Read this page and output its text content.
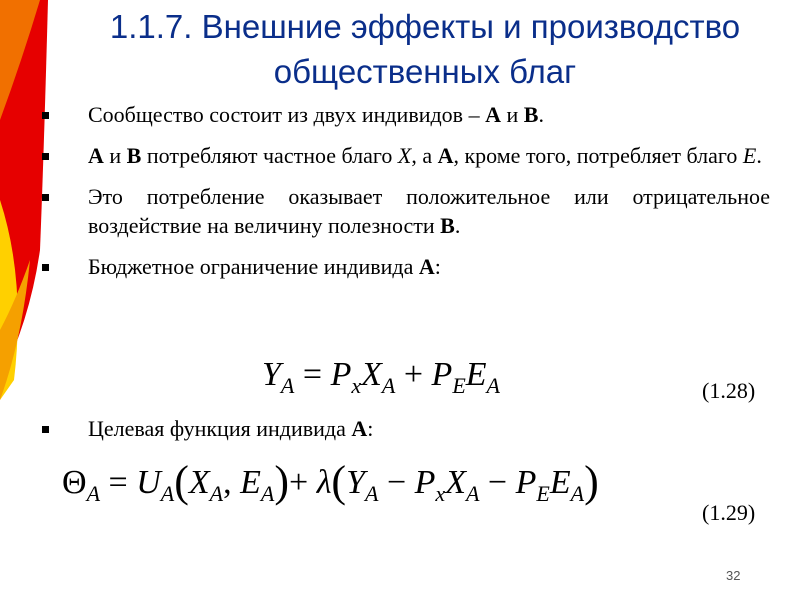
1.1.7. Внешние эффекты и производство
общественных благ
Сообщество состоит из двух индивидов – А и В.
А и В потребляют частное благо Х, а А, кроме того, потребляет благо Е.
Это потребление оказывает положительное или отрицательное воздействие на величину полезности В.
Бюджетное ограничение индивида А:
Целевая функция индивида А:
$Y_A = P_xX_A + P_EE_A$	(1.28)
$\Theta_A = U_A(X_A$, $E_A)+ \lambda(Y_A - P_xX_A - P_EE_A)$
(1.29)
32
